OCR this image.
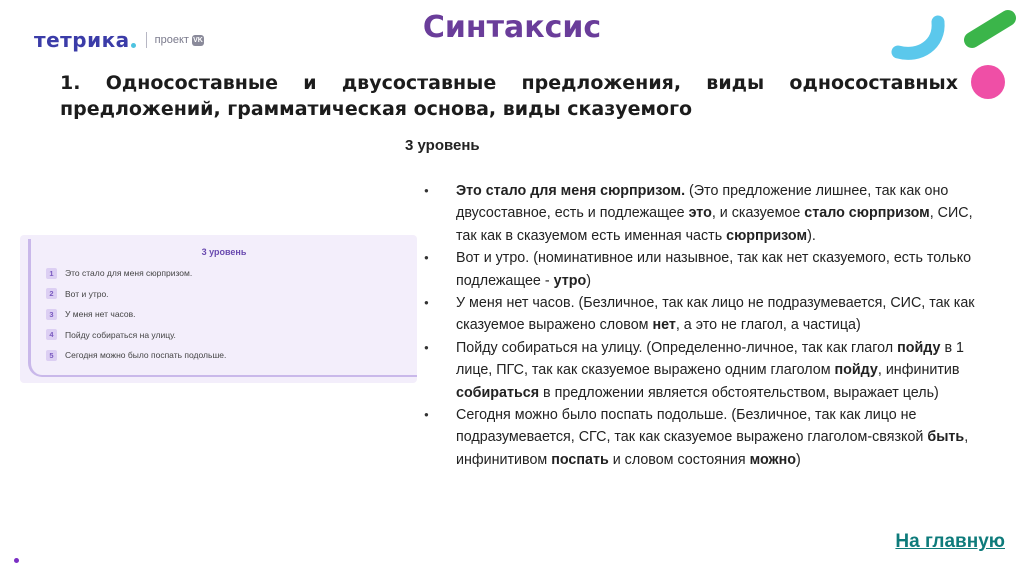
тетрика проект VK	Синтаксис
1. Односоставные и двусоставные предложения, виды односоставных предложений, грамматическая основа, виды сказуемого
3 уровень
3 уровень
1	Это стало для меня сюрпризом.
2	Вот и утро.
3	У меня нет часов.
4	Пойду собираться на улицу.
5	Сегодня можно было поспать подольше.
● Это стало для меня сюрпризом. (Это предложение лишнее, так как оно двусоставное, есть и подлежащее это, и сказуемое стало сюрпризом, СИС, так как в сказуемом есть именная часть сюрпризом).
● Вот и утро. (номинативное или назывное, так как нет сказуемого, есть только подлежащее - утро)
● У меня нет часов. (Безличное, так как лицо не подразумевается, СИС, так как сказуемое выражено словом нет, а это не глагол, а частица)
● Пойду собираться на улицу. (Определенно-личное, так как глагол пойду в 1 лице, ПГС, так как сказуемое выражено одним глаголом пойду, инфинитив собираться в предложении является обстоятельством, выражает цель)
● Сегодня можно было поспать подольше. (Безличное, так как лицо не подразумевается, СГС, так как сказуемое выражено глаголом-связкой быть, инфинитивом поспать и словом состояния можно)
На главную
